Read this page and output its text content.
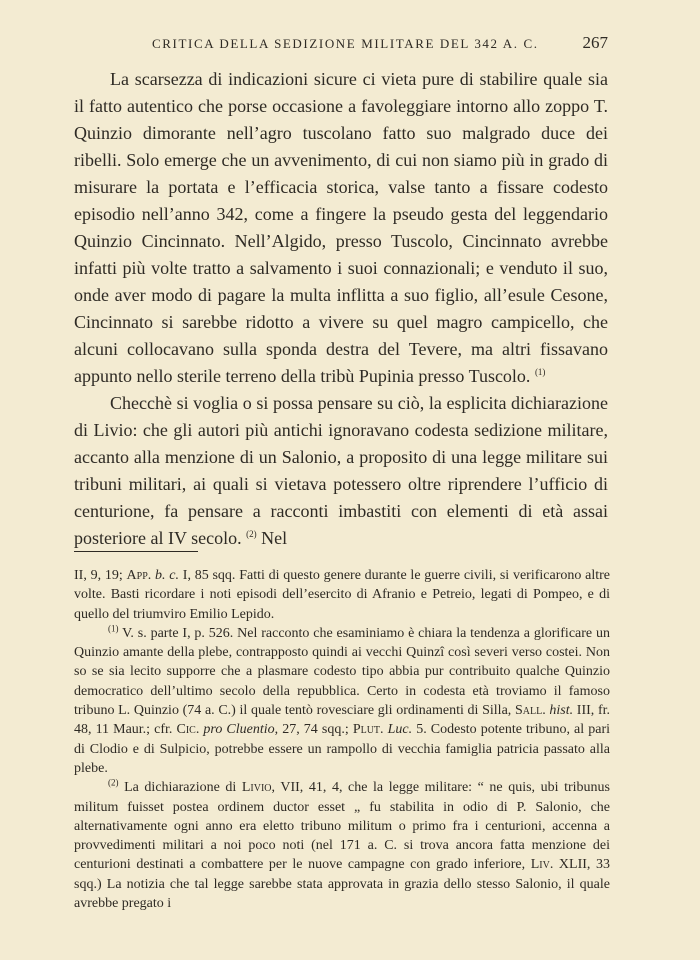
CRITICA DELLA SEDIZIONE MILITARE DEL 342 A. C.	267

La scarsezza di indicazioni sicure ci vieta pure di stabilire quale sia il fatto autentico che porse occasione a favoleggiare intorno allo zoppo T. Quinzio dimorante nell’agro tuscolano fatto suo malgrado duce dei ribelli. Solo emerge che un avvenimento, di cui non siamo più in grado di misurare la portata e l’efficacia storica, valse tanto a fissare codesto episodio nell’anno 342, come a fingere la pseudo gesta del leggendario Quinzio Cincinnato. Nell’Algido, presso Tuscolo, Cincinnato avrebbe infatti più volte tratto a salvamento i suoi connazionali; e venduto il suo, onde aver modo di pagare la multa inflitta a suo figlio, all’esule Cesone, Cincinnato si sarebbe ridotto a vivere su quel magro campicello, che alcuni collocavano sulla sponda destra del Tevere, ma altri fissavano appunto nello sterile terreno della tribù Pupinia presso Tuscolo. $^{(1)}$

Checchè si voglia o si possa pensare su ciò, la esplicita dichiarazione di Livio: che gli autori più antichi ignoravano codesta sedizione militare, accanto alla menzione di un Salonio, a proposito di una legge militare sui tribuni militari, ai quali si vietava potessero oltre riprendere l’ufficio di centurione, fa pensare a racconti imbastiti con elementi di età assai posteriore al IV secolo. $^{(2)}$ Nel

II, 9, 19; App. b. c. I, 85 sqq. Fatti di questo genere durante le guerre civili, si verificarono altre volte. Basti ricordare i noti episodi dell’esercito di Afranio e Petreio, legati di Pompeo, e di quello del triumviro Emilio Lepido.

$^{(1)}$ V. s. parte I, p. 526. Nel racconto che esaminiamo è chiara la tendenza a glorificare un Quinzio amante della plebe, contrapposto quindi ai vecchi Quinzî così severi verso costei. Non so se sia lecito supporre che a plasmare codesto tipo abbia pur contribuito qualche Quinzio democratico dell’ultimo secolo della repubblica. Certo in codesta età troviamo il famoso tribuno L. Quinzio (74 a. C.) il quale tentò rovesciare gli ordinamenti di Silla, Sall. hist. III, fr. 48, 11 Maur.; cfr. Cic. pro Cluentio, 27, 74 sqq.; Plut. Luc. 5. Codesto potente tribuno, al pari di Clodio e di Sulpicio, potrebbe essere un rampollo di vecchia famiglia patricia passato alla plebe.

$^{(2)}$ La dichiarazione di Livio, VII, 41, 4, che la legge militare: “ ne quis, ubi tribunus militum fuisset postea ordinem ductor esset „ fu stabilita in odio di P. Salonio, che alternativamente ogni anno era eletto tribuno militum o primo fra i centurioni, accenna a provvedimenti militari a noi poco noti (nel 171 a. C. si trova ancora fatta menzione dei centurioni destinati a combattere per le nuove campagne con grado inferiore, Liv. XLII, 33 sqq.) La notizia che tal legge sarebbe stata approvata in grazia dello stesso Salonio, il quale avrebbe pregato i
